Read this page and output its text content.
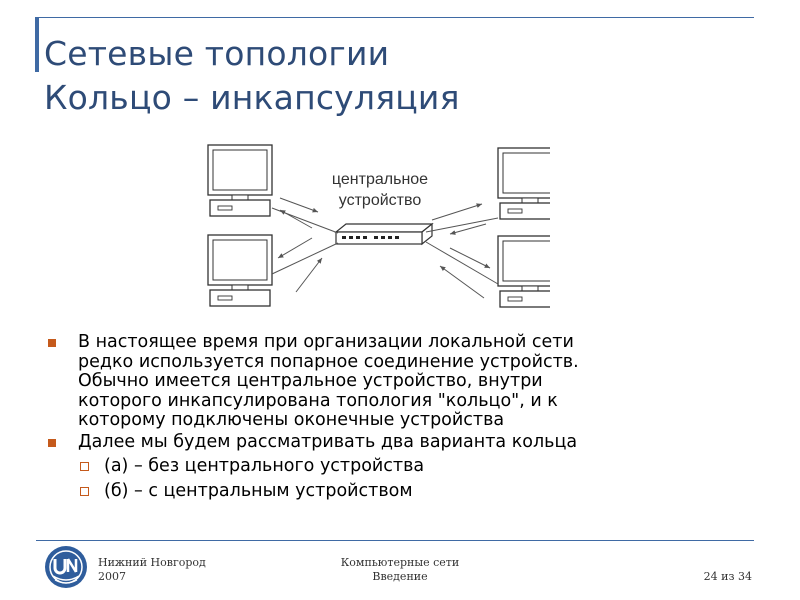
Сетевые топологии
Кольцо – инкапсуляция
центральное
устройство
В настоящее время при организации локальной сети
редко используется попарное соединение устройств.
Обычно имеется центральное устройство, внутри
которого инкапсулирована топология "кольцо", и к
которому подключены оконечные устройства
Далее мы будем рассматривать два варианта кольца
(а) – без центрального устройства
(б) – с центральным устройством
Нижний Новгород
2007
Компьютерные сети
Введение	24 из 34
